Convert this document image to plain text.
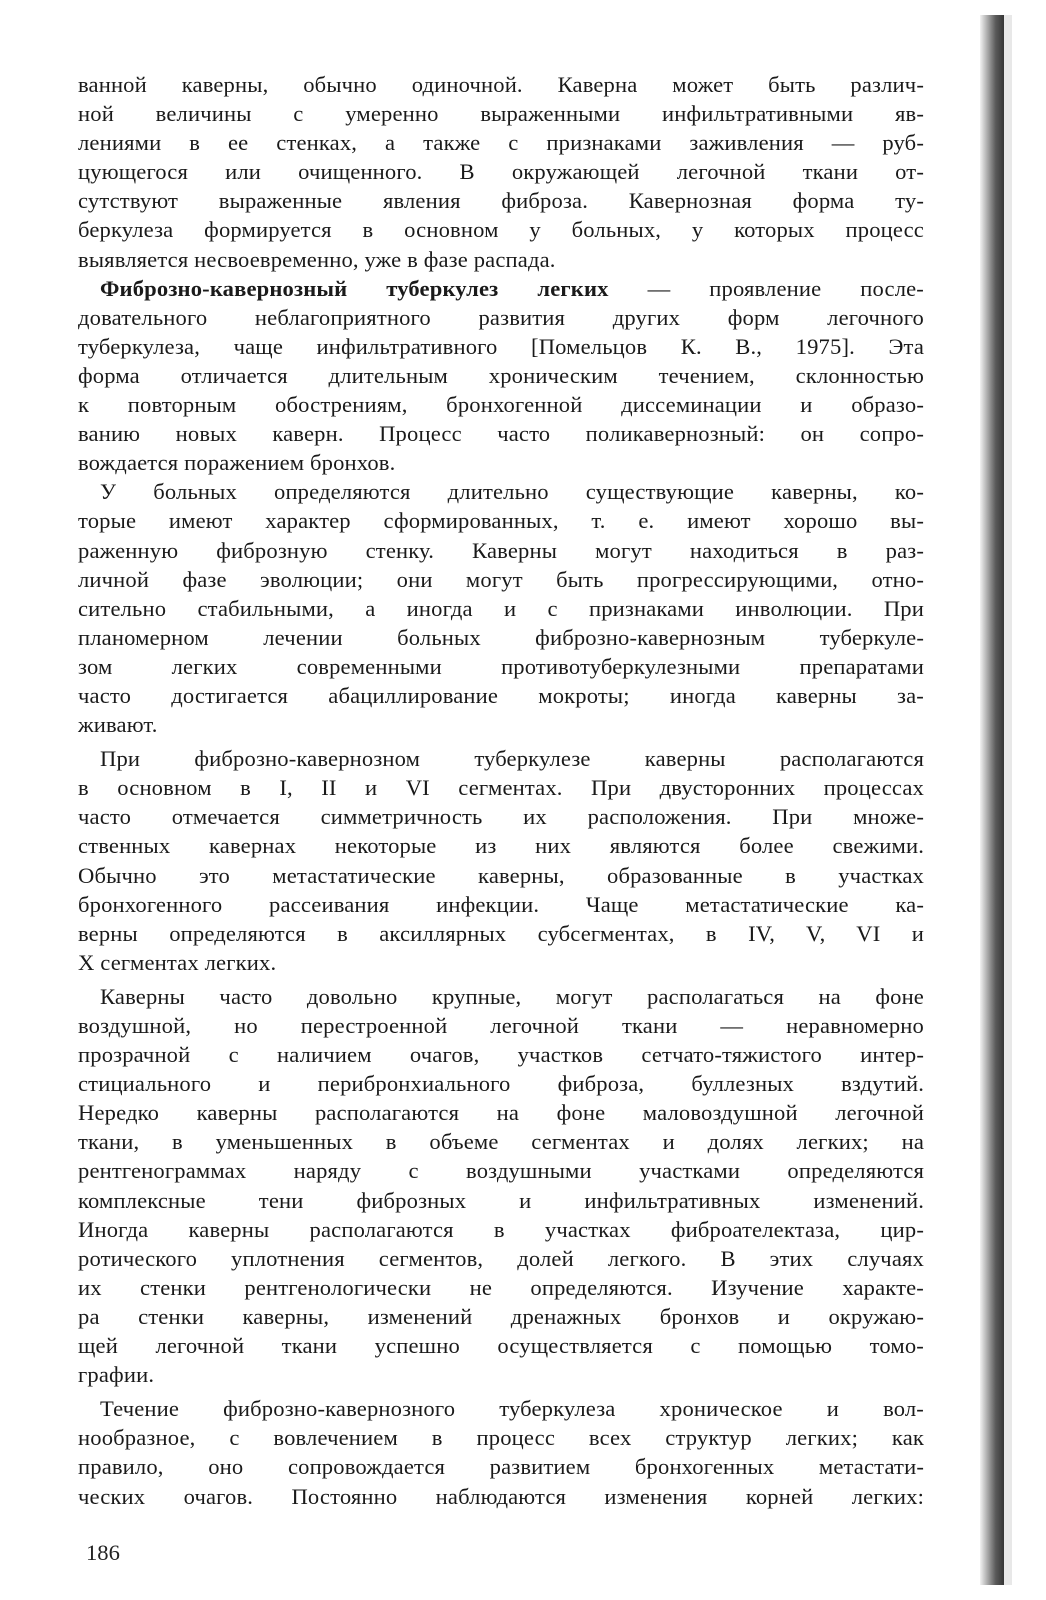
ванной каверны, обычно одиночной. Каверна может быть различ-
ной величины с умеренно выраженными инфильтративными яв-
лениями в ее стенках, а также с признаками заживления — руб-
цующегося или очищенного. В окружающей легочной ткани от-
сутствуют выраженные явления фиброза. Кавернозная форма ту-
беркулеза формируется в основном у больных, у которых процесс
выявляется несвоевременно, уже в фазе распада.
Фиброзно-кавернозный туберкулез легких — проявление после-
довательного неблагоприятного развития других форм легочного
туберкулеза, чаще инфильтративного [Помельцов К. В., 1975]. Эта
форма отличается длительным хроническим течением, склонностью
к повторным обострениям, бронхогенной диссеминации и образо-
ванию новых каверн. Процесс часто поликавернозный: он сопро-
вождается поражением бронхов.
У больных определяются длительно существующие каверны, ко-
торые имеют характер сформированных, т. е. имеют хорошо вы-
раженную фиброзную стенку. Каверны могут находиться в раз-
личной фазе эволюции; они могут быть прогрессирующими, отно-
сительно стабильными, а иногда и с признаками инволюции. При
планомерном лечении больных фиброзно-кавернозным туберкуле-
зом легких современными противотуберкулезными препаратами
часто достигается абациллирование мокроты; иногда каверны за-
живают.
При фиброзно-кавернозном туберкулезе каверны располагаются
в основном в I, II и VI сегментах. При двусторонних процессах
часто отмечается симметричность их расположения. При множе-
ственных кавернах некоторые из них являются более свежими.
Обычно это метастатические каверны, образованные в участках
бронхогенного рассеивания инфекции. Чаще метастатические ка-
верны определяются в аксиллярных субсегментах, в IV, V, VI и
X сегментах легких.
Каверны часто довольно крупные, могут располагаться на фоне
воздушной, но перестроенной легочной ткани — неравномерно
прозрачной с наличием очагов, участков сетчато-тяжистого интер-
стициального и перибронхиального фиброза, буллезных вздутий.
Нередко каверны располагаются на фоне маловоздушной легочной
ткани, в уменьшенных в объеме сегментах и долях легких; на
рентгенограммах наряду с воздушными участками определяются
комплексные тени фиброзных и инфильтративных изменений.
Иногда каверны располагаются в участках фиброателектаза, цир-
ротического уплотнения сегментов, долей легкого. В этих случаях
их стенки рентгенологически не определяются. Изучение характе-
ра стенки каверны, изменений дренажных бронхов и окружаю-
щей легочной ткани успешно осуществляется с помощью томо-
графии.
Течение фиброзно-кавернозного туберкулеза хроническое и вол-
нообразное, с вовлечением в процесс всех структур легких; как
правило, оно сопровождается развитием бронхогенных метастати-
ческих очагов. Постоянно наблюдаются изменения корней легких:
186
